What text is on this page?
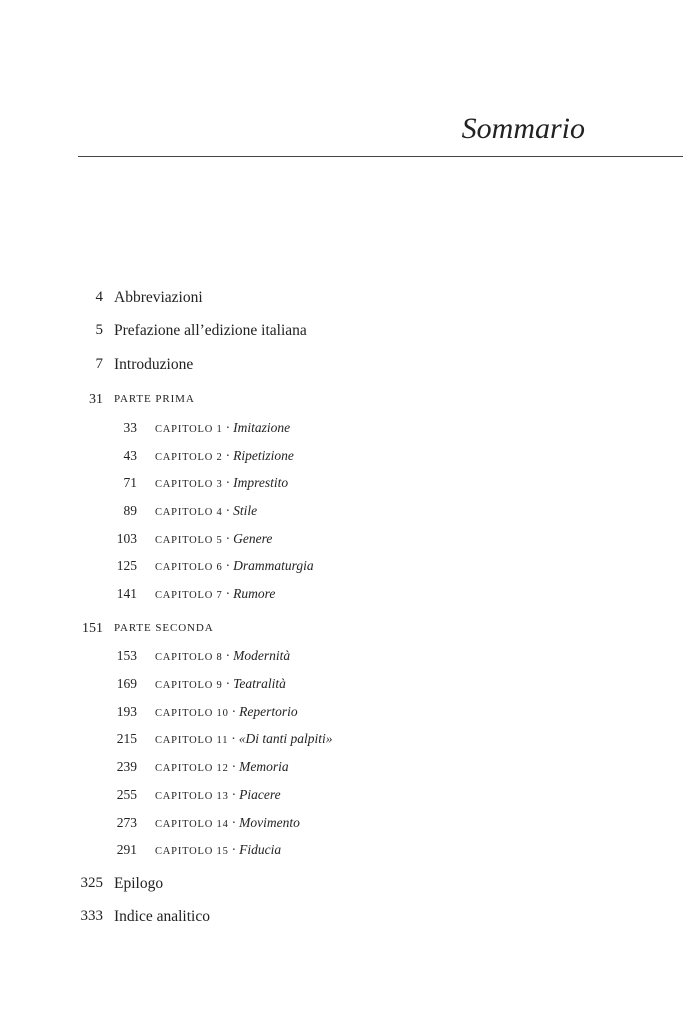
Sommario
4 Abbreviazioni
5 Prefazione all’edizione italiana
7 Introduzione
31 PARTE PRIMA
33 CAPITOLO 1 · Imitazione
43 CAPITOLO 2 · Ripetizione
71 CAPITOLO 3 · Imprestito
89 CAPITOLO 4 · Stile
103 CAPITOLO 5 · Genere
125 CAPITOLO 6 · Drammaturgia
141 CAPITOLO 7 · Rumore
151 PARTE SECONDA
153 CAPITOLO 8 · Modernità
169 CAPITOLO 9 · Teatralità
193 CAPITOLO 10 · Repertorio
215 CAPITOLO 11 · «Di tanti palpiti»
239 CAPITOLO 12 · Memoria
255 CAPITOLO 13 · Piacere
273 CAPITOLO 14 · Movimento
291 CAPITOLO 15 · Fiducia
325 Epilogo
333 Indice analitico
